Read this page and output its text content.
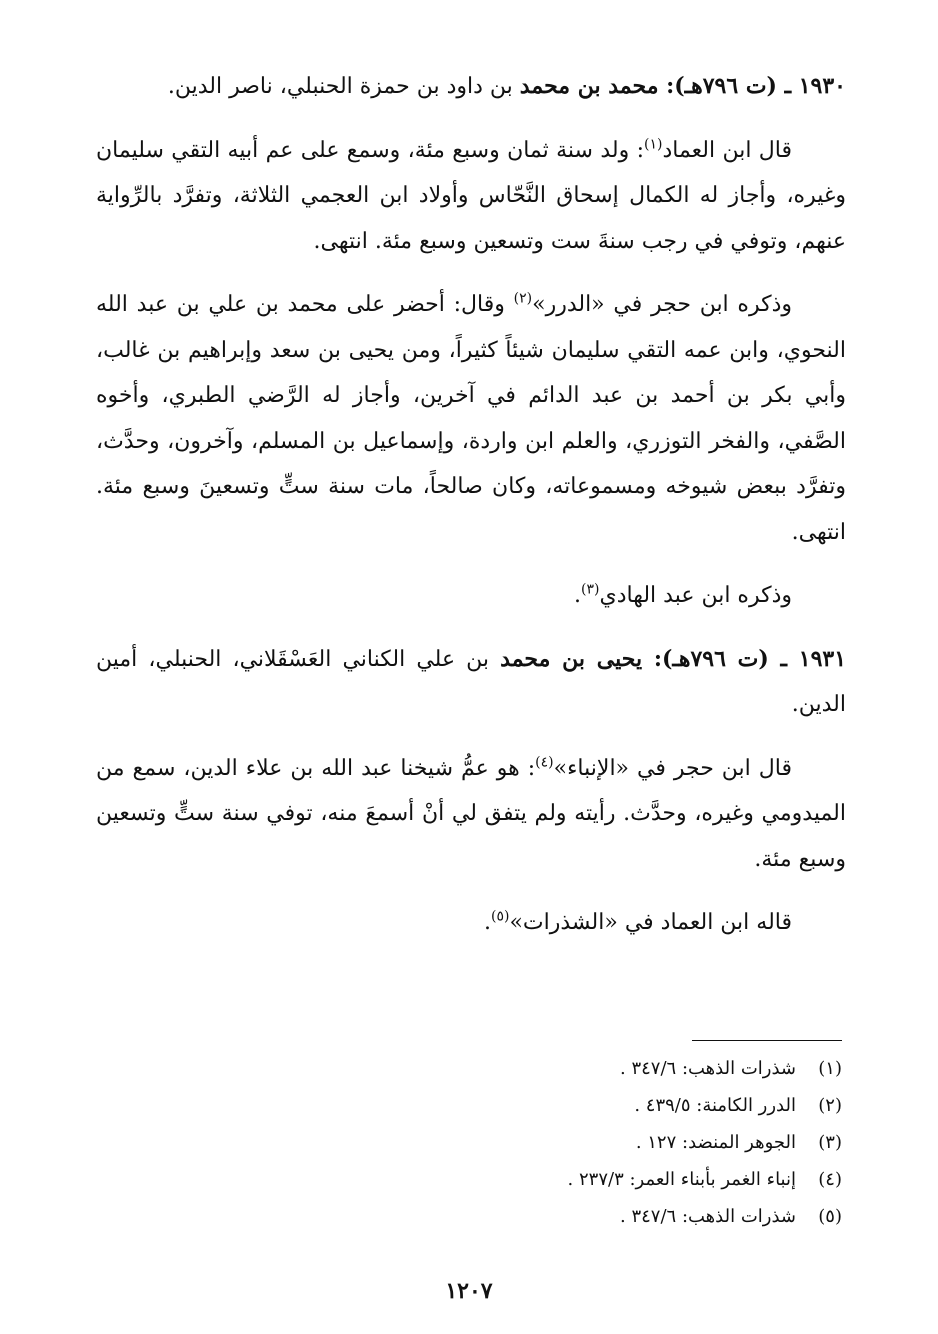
١٩٣٠ ـ (ت ٧٩٦هـ): محمد بن محمد بن داود بن حمزة الحنبلي، ناصر الدين.

قال ابن العماد$^{(١)}$: ولد سنة ثمان وسبع مئة، وسمع على عم أبيه التقي سليمان وغيره، وأجاز له الكمال إسحاق النَّحّاس وأولاد ابن العجمي الثلاثة، وتفرَّد بالرِّواية عنهم، وتوفي في رجب سنةَ ست وتسعين وسبع مئة. انتهى.

وذكره ابن حجر في «الدرر»$^{(٢)}$ وقال: أحضر على محمد بن علي بن عبد الله النحوي، وابن عمه التقي سليمان شيئاً كثيراً، ومن يحيى بن سعد وإبراهيم بن غالب، وأبي بكر بن أحمد بن عبد الدائم في آخرين، وأجاز له الرَّضي الطبري، وأخوه الصَّفي، والفخر التوزري، والعلم ابن واردة، وإسماعيل بن المسلم، وآخرون، وحدَّث، وتفرَّد ببعض شيوخه ومسموعاته، وكان صالحاً، مات سنة ستٍّ وتسعينَ وسبع مئة. انتهى.

وذكره ابن عبد الهادي$^{(٣)}$.

١٩٣١ ـ (ت ٧٩٦هـ): يحيى بن محمد بن علي الكناني العَسْقَلاني، الحنبلي، أمين الدين.

قال ابن حجر في «الإنباء»$^{(٤)}$: هو عمُّ شيخنا عبد الله بن علاء الدين، سمع من الميدومي وغيره، وحدَّث. رأيته ولم يتفق لي أنْ أسمعَ منه، توفي سنة ستٍّ وتسعين وسبع مئة.

قاله ابن العماد في «الشذرات»$^{(٥)}$.

(١)شذرات الذهب: ٣٤٧/٦ .
(٢)الدرر الكامنة: ٤٣٩/٥ .
(٣)الجوهر المنضد: ١٢٧ .
(٤)إنباء الغمر بأبناء العمر: ٢٣٧/٣ .
(٥)شذرات الذهب: ٣٤٧/٦ .
١٢٠٧
